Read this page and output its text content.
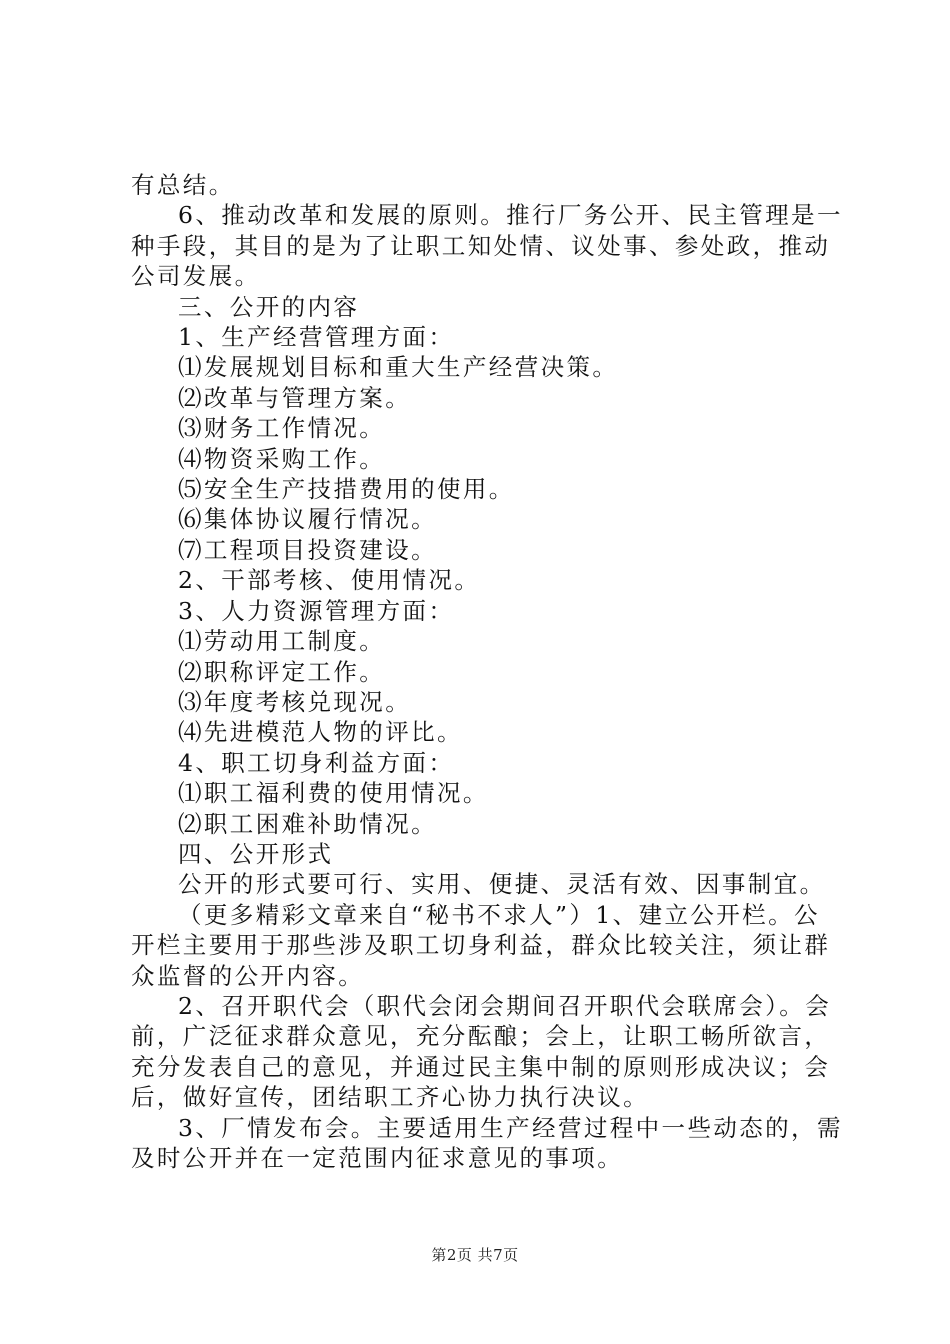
有总结。

6、推动改革和发展的原则。推行厂务公开、民主管理是一

种手段，其目的是为了让职工知处情、议处事、参处政，推动

公司发展。

三、公开的内容

1、生产经营管理方面：

⑴发展规划目标和重大生产经营决策。

⑵改革与管理方案。

⑶财务工作情况。

⑷物资采购工作。

⑸安全生产技措费用的使用。

⑹集体协议履行情况。

⑺工程项目投资建设。

2、干部考核、使用情况。

3、人力资源管理方面：

⑴劳动用工制度。

⑵职称评定工作。

⑶年度考核兑现况。

⑷先进模范人物的评比。

4、职工切身利益方面：

⑴职工福利费的使用情况。

⑵职工困难补助情况。

四、公开形式

公开的形式要可行、实用、便捷、灵活有效、因事制宜。

（更多精彩文章来自“秘书不求人”）1、建立公开栏。公

开栏主要用于那些涉及职工切身利益，群众比较关注，须让群

众监督的公开内容。

2、召开职代会（职代会闭会期间召开职代会联席会）。会

前，广泛征求群众意见，充分酝酿；会上，让职工畅所欲言，

充分发表自己的意见，并通过民主集中制的原则形成决议；会

后，做好宣传，团结职工齐心协力执行决议。

3、厂情发布会。主要适用生产经营过程中一些动态的，需

及时公开并在一定范围内征求意见的事项。

第2页 共7页
